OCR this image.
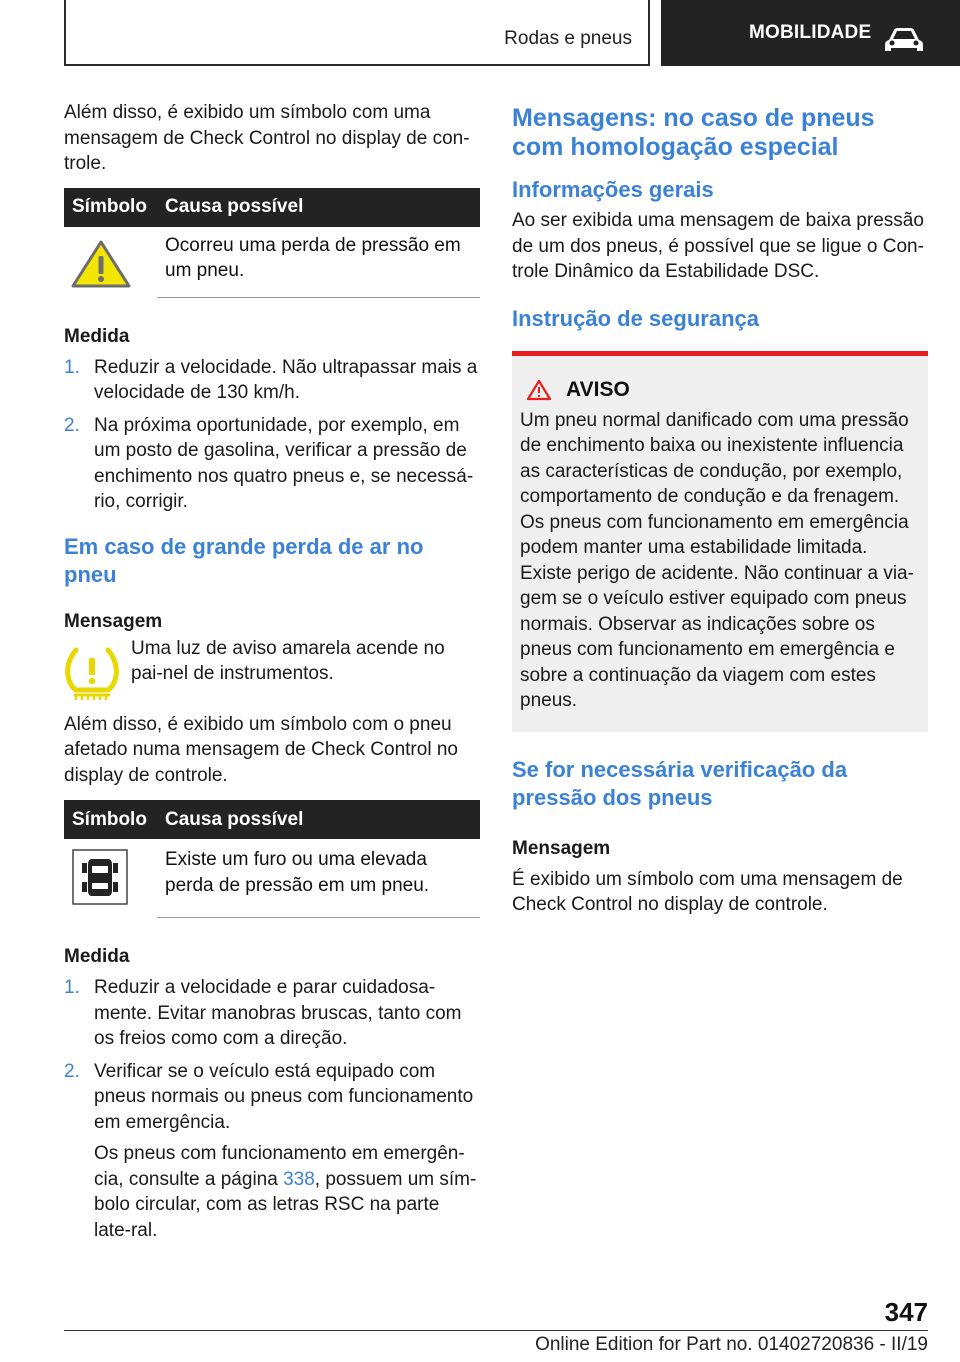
Rodas e pneus	MOBILIDADE

Além disso, é exibido um símbolo com uma mensagem de Check Control no display de con-trole.

Símbolo	Causa possível
	Ocorreu uma perda de pressão em um pneu.
Medida
1. Reduzir a velocidade. Não ultrapassar mais a velocidade de 130 km/h.
2. Na próxima oportunidade, por exemplo, em um posto de gasolina, verificar a pressão de enchimento nos quatro pneus e, se necessá-rio, corrigir.
Em caso de grande perda de ar no pneu
Mensagem

Uma luz de aviso amarela acende no pai-nel de instrumentos.

Além disso, é exibido um símbolo com o pneu afetado numa mensagem de Check Control no display de controle.

Símbolo	Causa possível
	Existe um furo ou uma elevada perda de pressão em um pneu.
Medida
1. Reduzir a velocidade e parar cuidadosa-mente. Evitar manobras bruscas, tanto com os freios como com a direção.
2. Verificar se o veículo está equipado com pneus normais ou pneus com funcionamento em emergência.

Os pneus com funcionamento em emergên-cia, consulte a página 338, possuem um sím-bolo circular, com as letras RSC na parte late-ral.

Mensagens: no caso de pneus com homologação especial
Informações gerais

Ao ser exibida uma mensagem de baixa pressão de um dos pneus, é possível que se ligue o Con-trole Dinâmico da Estabilidade DSC.

Instrução de segurança
AVISO

Um pneu normal danificado com uma pressão de enchimento baixa ou inexistente influencia as características de condução, por exemplo, comportamento de condução e da frenagem. Os pneus com funcionamento em emergência podem manter uma estabilidade limitada. Existe perigo de acidente. Não continuar a via-gem se o veículo estiver equipado com pneus normais. Observar as indicações sobre os pneus com funcionamento em emergência e sobre a continuação da viagem com estes pneus.

Se for necessária verificação da pressão dos pneus
Mensagem

É exibido um símbolo com uma mensagem de Check Control no display de controle.

347
Online Edition for Part no. 01402720836 - II/19
